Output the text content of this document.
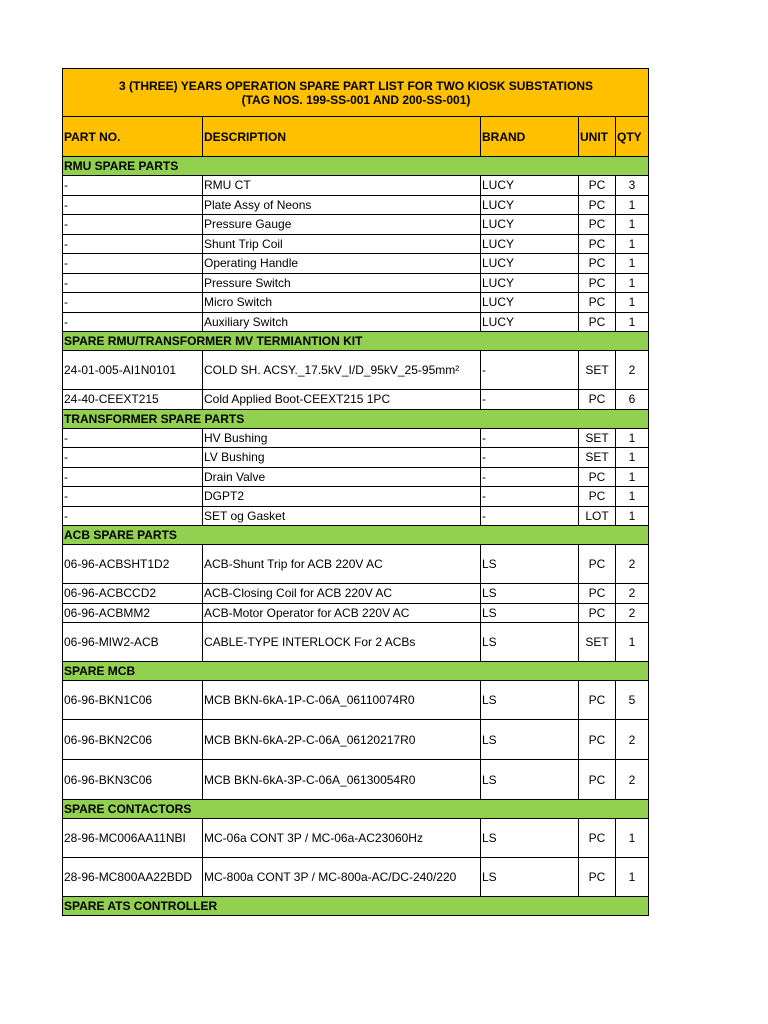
3 (THREE) YEARS OPERATION SPARE PART LIST FOR TWO KIOSK SUBSTATIONS
(TAG NOS. 199-SS-001 AND 200-SS-001)				

PART NO.	DESCRIPTION	BRAND	UNIT	QTY
RMU SPARE PARTS				
-	RMU CT	LUCY	PC	3
-	Plate Assy of Neons	LUCY	PC	1
-	Pressure Gauge	LUCY	PC	1
-	Shunt Trip Coil	LUCY	PC	1
-	Operating Handle	LUCY	PC	1
-	Pressure Switch	LUCY	PC	1
-	Micro Switch	LUCY	PC	1
-	Auxiliary Switch	LUCY	PC	1
SPARE RMU/TRANSFORMER MV TERMIANTION KIT				
24-01-005-AI1N0101	COLD SH. ACSY._17.5kV_I/D_95kV_25-95mm²	-	SET	2
24-40-CEEXT215	Cold Applied Boot-CEEXT215 1PC	-	PC	6
TRANSFORMER SPARE PARTS				
-	HV Bushing	-	SET	1
-	LV Bushing	-	SET	1
-	Drain Valve	-	PC	1
-	DGPT2	-	PC	1
-	SET og Gasket	-	LOT	1
ACB SPARE PARTS				
06-96-ACBSHT1D2	ACB-Shunt Trip for ACB 220V AC	LS	PC	2
06-96-ACBCCD2	ACB-Closing Coil for ACB 220V AC	LS	PC	2
06-96-ACBMM2	ACB-Motor Operator for ACB 220V AC	LS	PC	2
06-96-MIW2-ACB	CABLE-TYPE INTERLOCK For 2 ACBs	LS	SET	1
SPARE MCB				
06-96-BKN1C06	MCB BKN-6kA-1P-C-06A_06110074R0	LS	PC	5
06-96-BKN2C06	MCB BKN-6kA-2P-C-06A_06120217R0	LS	PC	2
06-96-BKN3C06	MCB BKN-6kA-3P-C-06A_06130054R0	LS	PC	2
SPARE CONTACTORS				
28-96-MC006AA11NBI	MC-06a CONT 3P / MC-06a-AC23060Hz	LS	PC	1
28-96-MC800AA22BDD	MC-800a CONT 3P / MC-800a-AC/DC-240/220	LS	PC	1
SPARE ATS CONTROLLER				
